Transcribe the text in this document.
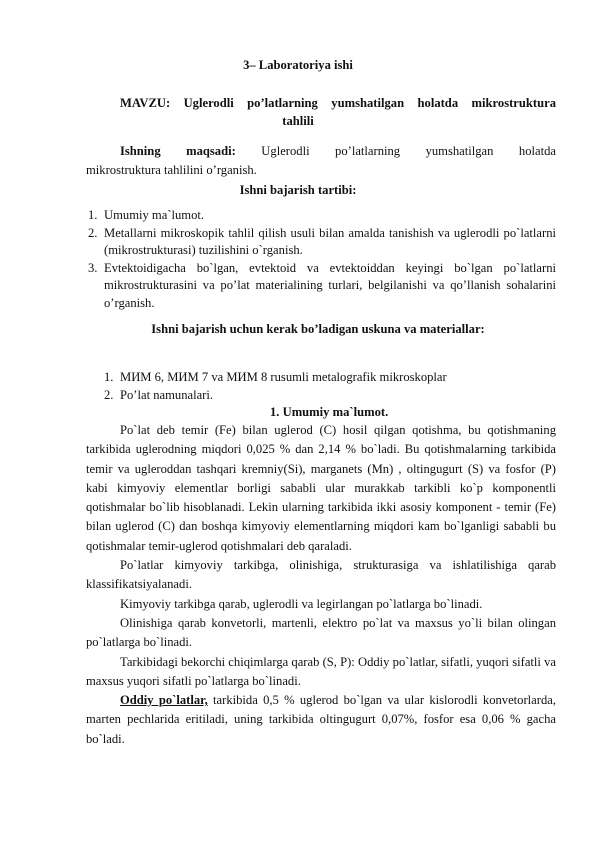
3– Laboratoriya ishi
MAVZU: Uglerodli po’latlarning yumshatilgan holatda mikrostruktura
tahlili
Ishning maqsadi: Uglerodli po’latlarning yumshatilgan holatda
mikrostruktura tahlilini o’rganish.
Ishni bajarish tartibi:
1. Umumiy ma`lumot.
2. Metallarni mikroskopik tahlil qilish usuli bilan amalda tanishish va uglerodli po`latlarni (mikrostrukturasi) tuzilishini o`rganish.
3. Evtektoidigacha bo`lgan, evtektoid va evtektoiddan keyingi bo`lgan po`latlarni mikrostrukturasini va po’lat materialining turlari, belgilanishi va qo’llanish sohalarini o’rganish.
Ishni bajarish uchun kerak bo’ladigan uskuna va materiallar:
1. МИМ 6, МИМ 7 va МИМ 8 rusumli metalografik mikroskoplar
2. Po’lat namunalari.
1. Umumiy ma`lumot.
Po`lat deb temir (Fe) bilan uglerod (C) hosil qilgan qotishma, bu qotishmaning tarkibida uglerodning miqdori 0,025 % dan 2,14 % bo`ladi. Bu qotishmalarning tarkibida temir va ugleroddan tashqari kremniy(Si), marganets (Mn) , oltingugurt (S) va fosfor (P) kabi kimyoviy elementlar borligi sababli ular murakkab tarkibli ko`p komponentli qotishmalar bo`lib hisoblanadi. Lekin ularning tarkibida ikki asosiy komponent - temir (Fe) bilan uglerod (C) dan boshqa kimyoviy elementlarning miqdori kam bo`lganligi sababli bu qotishmalar temir-uglerod qotishmalari deb qaraladi.
Po`latlar kimyoviy tarkibga, olinishiga, strukturasiga va ishlatilishiga qarab klassifikatsiyalanadi.
Kimyoviy tarkibga qarab, uglerodli va legirlangan po`latlarga bo`linadi.
Olinishiga qarab konvetorli, martenli, elektro po`lat va maxsus yo`li bilan olingan po`latlarga bo`linadi.
Tarkibidagi bekorchi chiqimlarga qarab (S, P): Oddiy po`latlar, sifatli, yuqori sifatli va maxsus yuqori sifatli po`latlarga bo`linadi.
Oddiy po`latlar, tarkibida 0,5 % uglerod bo`lgan va ular kislorodli konvetorlarda, marten pechlarida eritiladi, uning tarkibida oltingugurt 0,07%, fosfor esa 0,06 % gacha bo`ladi.
